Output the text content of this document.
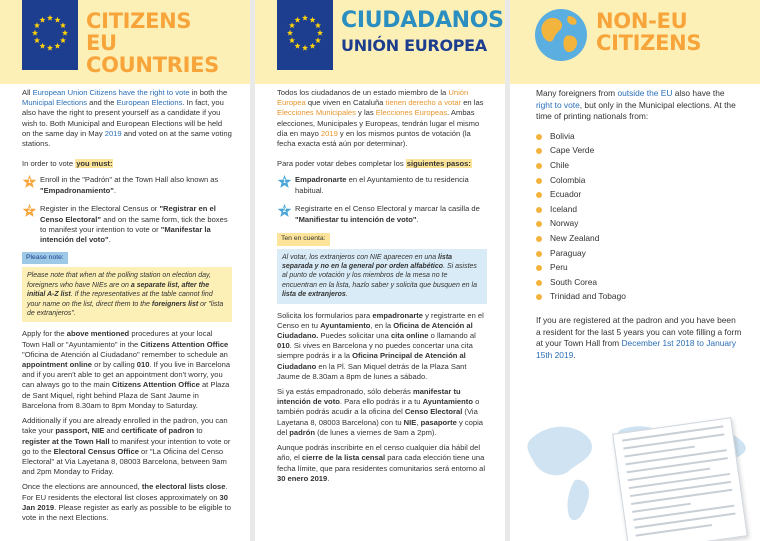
CITIZENS
EU COUNTRIES
All European Union Citizens have the right to vote in both the Municipal Elections and the European Elections. In fact, you also have the right to present yourself as a candidate if you wish to. Both Municipal and European Elections will be held on the same day in May 2019 and voted on at the same voting stations.
In order to vote you must:
1	Enroll in the "Padrón" at the Town Hall also known as "Empadronamiento".
2	Register in the Electoral Census or "Registrar en el Censo Electoral" and on the same form, tick the boxes to manifest your intention to vote or "Manifestar la intención del voto".
Please note:
Please note that when at the polling station on election day, foreigners who have NIEs are on a separate list, after the initial A-Z list. If the representatives at the table cannot find your name on the list, direct them to the foreigners list or "lista de extranjeros".
Apply for the above mentioned procedures at your local Town Hall or "Ayuntamiento" in the Citizens Attention Office "Oficina de Atención al Ciudadano" remember to schedule an appointment online or by calling 010. If you live in Barcelona and if you aren't able to get an appointment don't worry, you can always go to the main Citizens Attention Office at Plaza de Sant Miquel, right behind Plaza de Sant Jaume in Barcelona from 8.30am to 8pm Monday to Saturday.
Additionally if you are already enrolled in the padron, you can take your passport, NIE and certificate of padron to register at the Town Hall to manifest your intention to vote or go to the Electoral Census Office or "La Oficina del Censo Electoral" at Via Layetana 8, 08003 Barcelona, between 9am and 2pm Monday to Friday.
Once the elections are announced, the electoral lists close. For EU residents the electoral list closes approximately on 30 Jan 2019. Please register as early as possible to be eligible to vote in the next Elections.
CIUDADANOS
UNIÓN EUROPEA
Todos los ciudadanos de un estado miembro de la Unión Europea que viven en Cataluña tienen derecho a votar en las Elecciones Municipales y las Elecciones Europeas. Ambas elecciones, Municipales y Europeas, tendrán lugar el mismo día en mayo 2019 y en los mismos puntos de votación (la fecha exacta está aún por determinar).
Para poder votar debes completar los siguientes pasos:
1	Empadronarte en el Ayuntamiento de tu residencia habitual.
2	Registrarte en el Censo Electoral y marcar la casilla de "Manifiestar tu intención de voto".
Ten en cuenta:
Al votar, los extranjeros con NIE aparecen en una lista separada y no en la general por orden alfabético. Si asistes al punto de votación y los miembros de la mesa no te encuentran en la lista, hazlo saber y solicita que busquen en la lista de extranjeros.
Solicita los formularios para empadronarte y registrarte en el Censo en tu Ayuntamiento, en la Oficina de Atención al Ciudadano. Puedes solicitar una cita online o llamando al 010. Si vives en Barcelona y no puedes concertar una cita siempre podrás ir a la Oficina Principal de Atención al Ciudadano en la Pl. San Miquel detrás de la Plaza Sant Jaume de 8.30am a 8pm de lunes a sábado.
Si ya estás empadronado, sólo deberás manifestar tu intención de voto. Para ello podrás ir a tu Ayuntamiento o también podrás acudir a la oficina del Censo Electoral (Via Layetana 8, 08003 Barcelona) con tu NIE, pasaporte y copia del padrón (de lunes a viernes de 9am a 2pm).
Aunque podrás inscribirte en el censo cualquier día hábil del año, el cierre de la lista censal para cada elección tiene una fecha límite, que para residentes comunitarios será entorno al 30 enero 2019.
NON-EU
CITIZENS
Many foreigners from outside the EU also have the right to vote, but only in the Municipal elections. At the time of printing nationals from:
Bolivia
Cape Verde
Chile
Colombia
Ecuador
Iceland
Norway
New Zealand
Paraguay
Peru
South Corea
Trinidad and Tobago
If you are registered at the padron and you have been a resident for the last 5 years you can vote filling a form at your Town Hall from December 1st 2018 to January 15th 2019.
